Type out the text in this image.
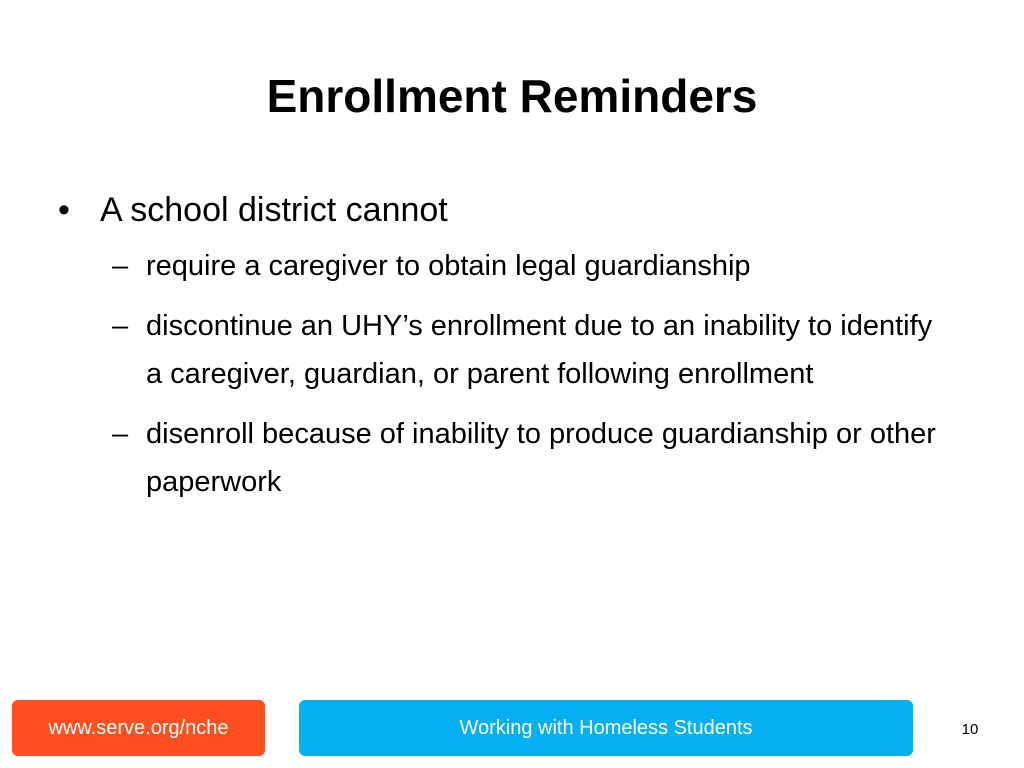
Enrollment Reminders
• A school district cannot
– require a caregiver to obtain legal guardianship
– discontinue an UHY’s enrollment due to an inability to identify a caregiver, guardian, or parent following enrollment
– disenroll because of inability to produce guardianship or other paperwork
www.serve.org/nche	Working with Homeless Students	10
